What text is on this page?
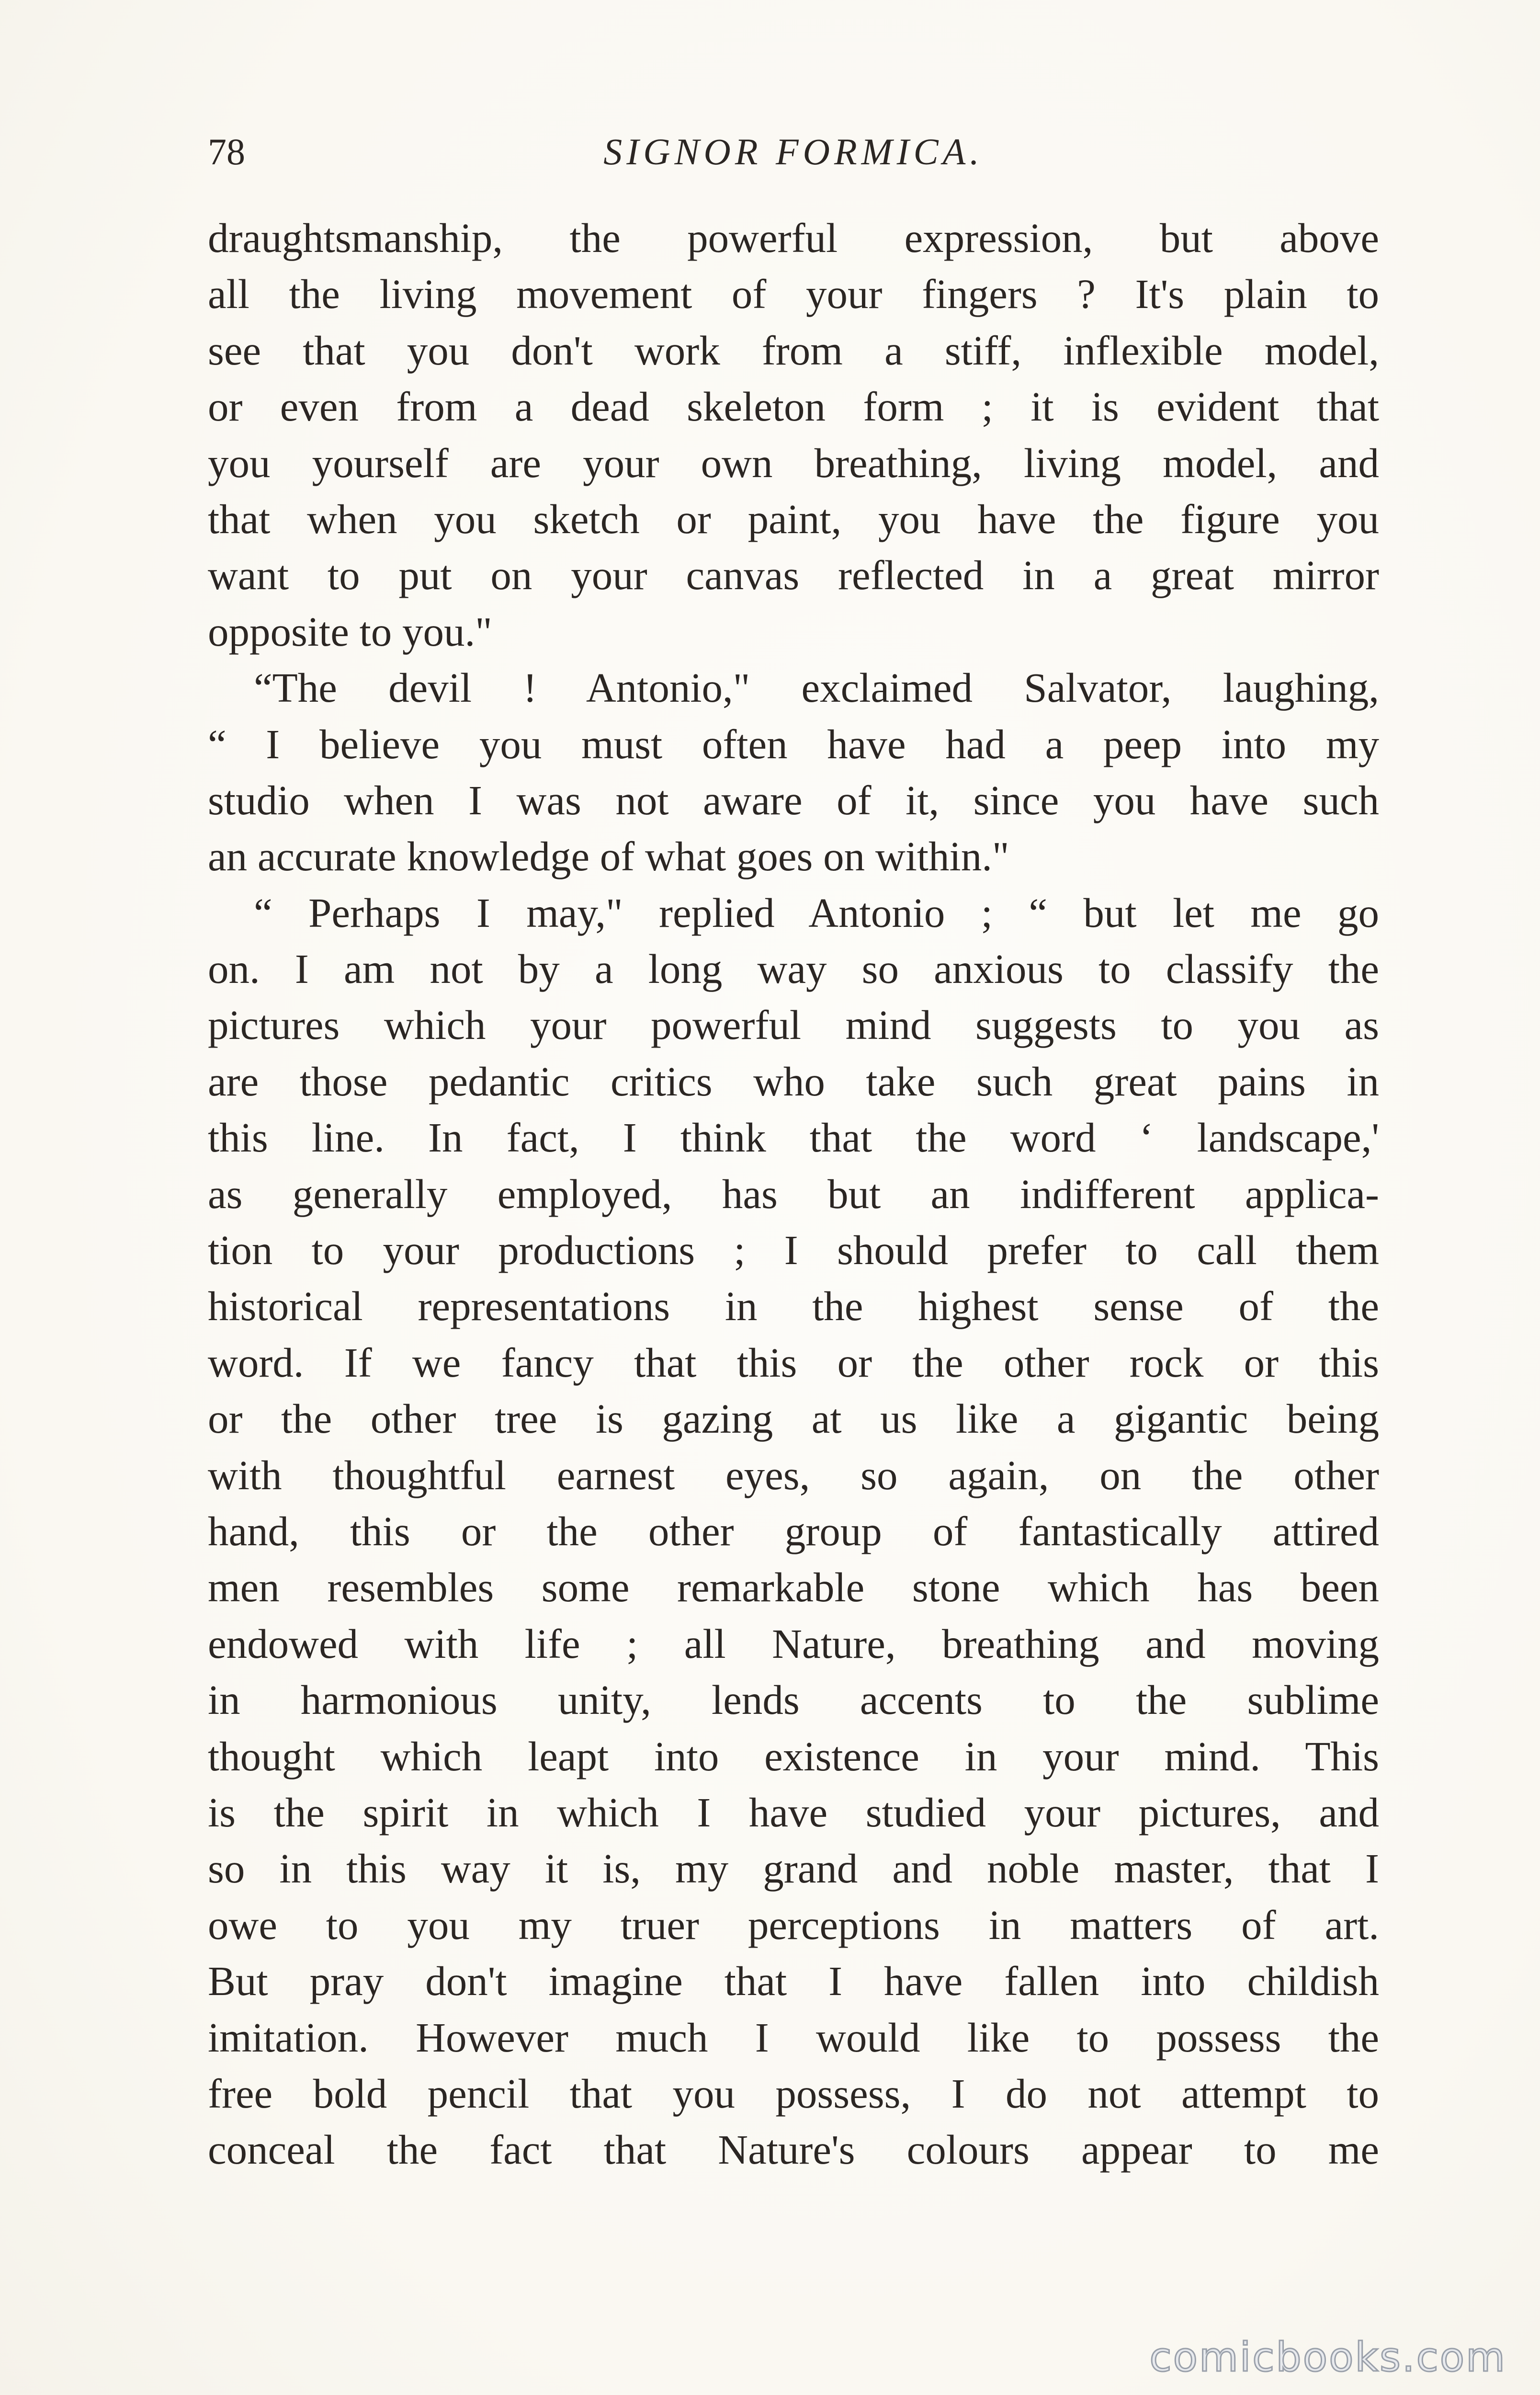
78	SIGNOR FORMICA.
draughtsmanship, the powerful expression, but above
all the living movement of your fingers ? It's plain to
see that you don't work from a stiff, inflexible model,
or even from a dead skeleton form ; it is evident that
you yourself are your own breathing, living model, and
that when you sketch or paint, you have the figure you
want to put on your canvas reflected in a great mirror
opposite to you."
“The devil ! Antonio," exclaimed Salvator, laughing,
“ I believe you must often have had a peep into my
studio when I was not aware of it, since you have such
an accurate knowledge of what goes on within."
“ Perhaps I may," replied Antonio ; “ but let me go
on. I am not by a long way so anxious to classify the
pictures which your powerful mind suggests to you as
are those pedantic critics who take such great pains in
this line. In fact, I think that the word ‘ landscape,'
as generally employed, has but an indifferent applica-
tion to your productions ; I should prefer to call them
historical representations in the highest sense of the
word. If we fancy that this or the other rock or this
or the other tree is gazing at us like a gigantic being
with thoughtful earnest eyes, so again, on the other
hand, this or the other group of fantastically attired
men resembles some remarkable stone which has been
endowed with life ; all Nature, breathing and moving
in harmonious unity, lends accents to the sublime
thought which leapt into existence in your mind. This
is the spirit in which I have studied your pictures, and
so in this way it is, my grand and noble master, that I
owe to you my truer perceptions in matters of art.
But pray don't imagine that I have fallen into childish
imitation. However much I would like to possess the
free bold pencil that you possess, I do not attempt to
conceal the fact that Nature's colours appear to me
comicbooks.com
